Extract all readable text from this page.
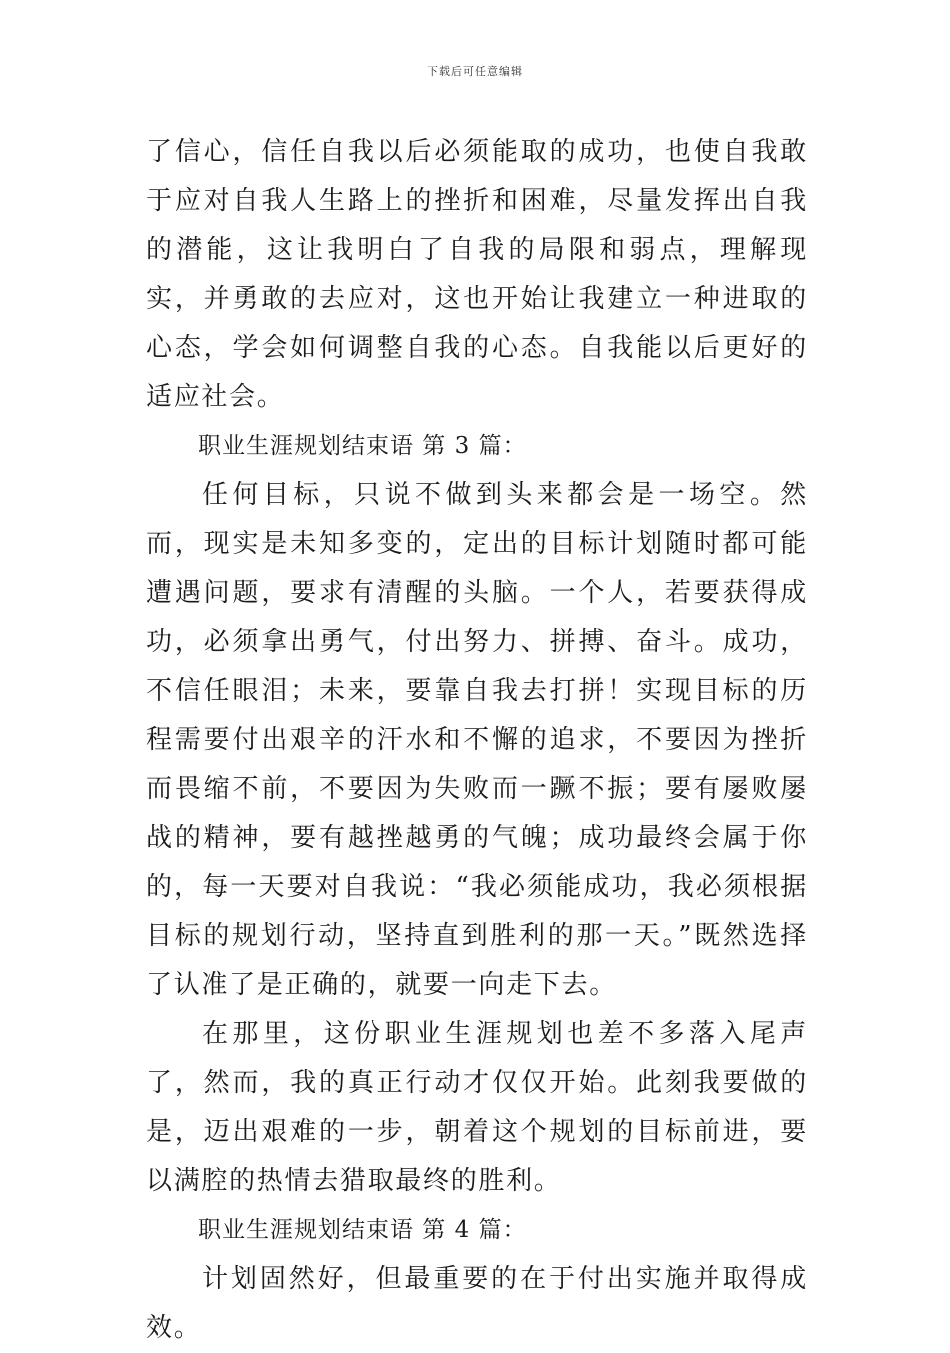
下载后可任意编辑

了信心，信任自我以后必须能取的成功，也使自我敢于应对自我人生路上的挫折和困难，尽量发挥出自我的潜能，这让我明白了自我的局限和弱点，理解现实，并勇敢的去应对，这也开始让我建立一种进取的心态，学会如何调整自我的心态。自我能以后更好的适应社会。

职业生涯规划结束语 第 3 篇：

任何目标，只说不做到头来都会是一场空。然而，现实是未知多变的，定出的目标计划随时都可能遭遇问题，要求有清醒的头脑。一个人，若要获得成功，必须拿出勇气，付出努力、拼搏、奋斗。成功，不信任眼泪；未来，要靠自我去打拼！实现目标的历程需要付出艰辛的汗水和不懈的追求，不要因为挫折而畏缩不前，不要因为失败而一蹶不振；要有屡败屡战的精神，要有越挫越勇的气魄；成功最终会属于你的，每一天要对自我说：“我必须能成功，我必须根据目标的规划行动，坚持直到胜利的那一天。”既然选择了认准了是正确的，就要一向走下去。

在那里，这份职业生涯规划也差不多落入尾声了，然而，我的真正行动才仅仅开始。此刻我要做的是，迈出艰难的一步，朝着这个规划的目标前进，要以满腔的热情去猎取最终的胜利。

职业生涯规划结束语 第 4 篇：

计划固然好，但最重要的在于付出实施并取得成效。
